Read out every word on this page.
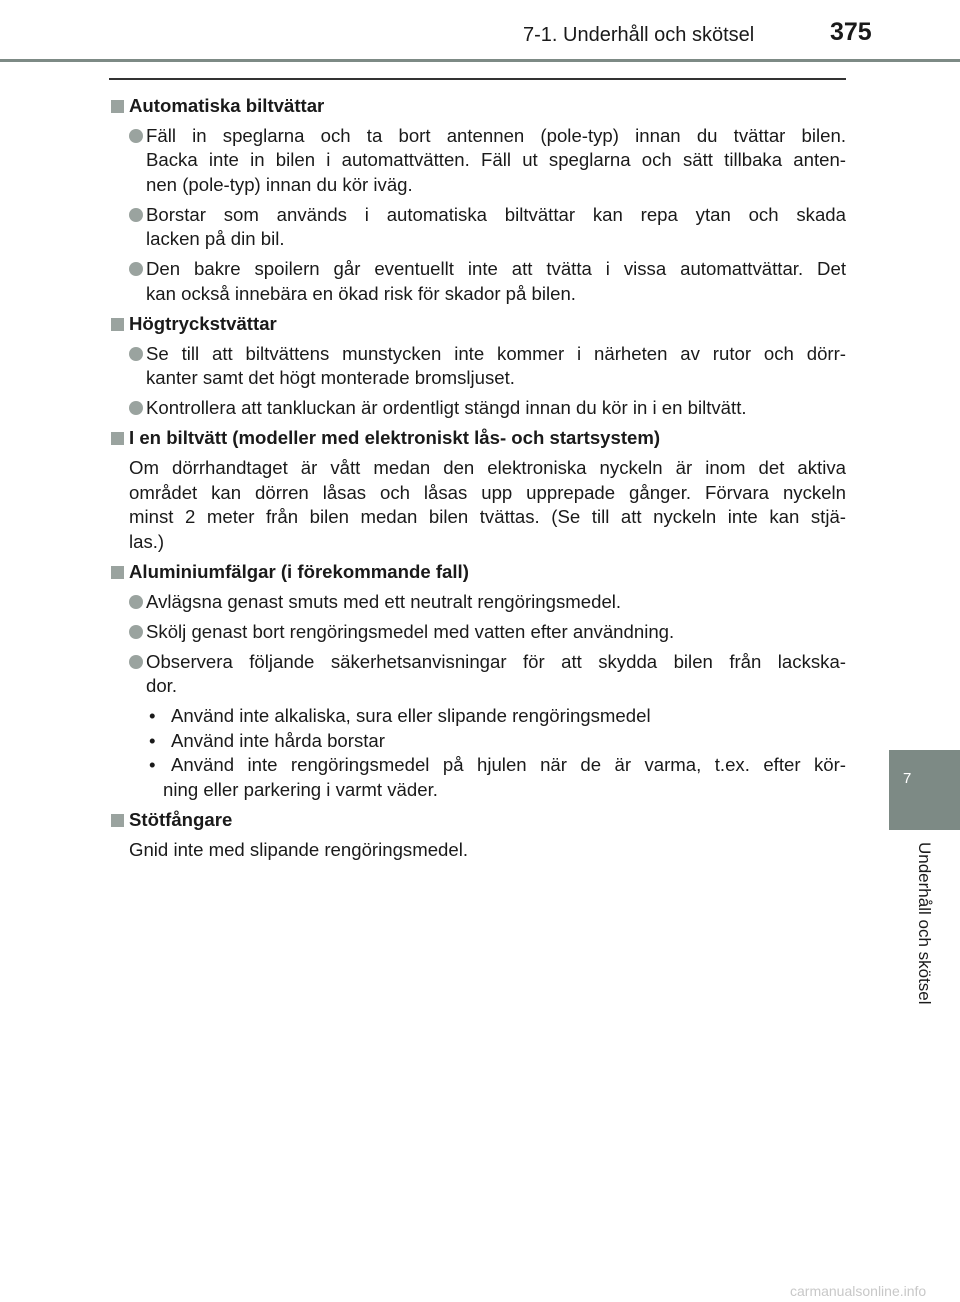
7-1. Underhåll och skötsel	375
7
Underhåll och skötsel
Automatiska biltvättar
Fäll in speglarna och ta bort antennen (pole-typ) innan du tvättar bilen.
Backa inte in bilen i automattvätten. Fäll ut speglarna och sätt tillbaka anten-
nen (pole-typ) innan du kör iväg.
Borstar som används i automatiska biltvättar kan repa ytan och skada
lacken på din bil.
Den bakre spoilern går eventuellt inte att tvätta i vissa automattvättar. Det
kan också innebära en ökad risk för skador på bilen.
Högtryckstvättar
Se till att biltvättens munstycken inte kommer i närheten av rutor och dörr-
kanter samt det högt monterade bromsljuset.
Kontrollera att tankluckan är ordentligt stängd innan du kör in i en biltvätt.
I en biltvätt (modeller med elektroniskt lås- och startsystem)
Om dörrhandtaget är vått medan den elektroniska nyckeln är inom det aktiva
området kan dörren låsas och låsas upp upprepade gånger. Förvara nyckeln
minst 2 meter från bilen medan bilen tvättas. (Se till att nyckeln inte kan stjä-
las.)
Aluminiumfälgar (i förekommande fall)
Avlägsna genast smuts med ett neutralt rengöringsmedel.
Skölj genast bort rengöringsmedel med vatten efter användning.
Observera följande säkerhetsanvisningar för att skydda bilen från lackska-
dor.
• Använd inte alkaliska, sura eller slipande rengöringsmedel
• Använd inte hårda borstar
• Använd inte rengöringsmedel på hjulen när de är varma, t.ex. efter kör-
ning eller parkering i varmt väder.
Stötfångare
Gnid inte med slipande rengöringsmedel.
carmanualsonline.info
